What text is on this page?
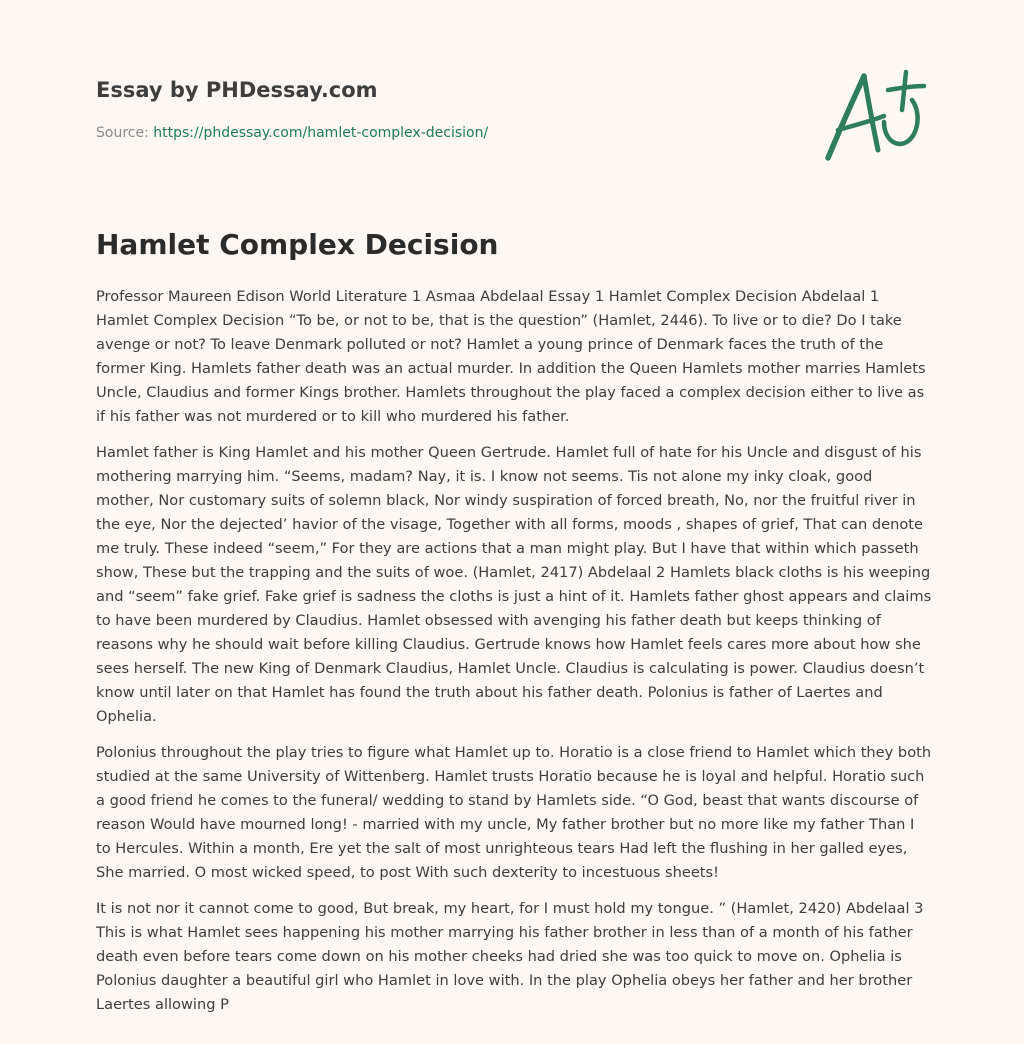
Essay by PHDessay.com
Source: https://phdessay.com/hamlet-complex-decision/
Hamlet Complex Decision

Professor Maureen Edison World Literature 1 Asmaa Abdelaal Essay 1 Hamlet Complex Decision Abdelaal 1 Hamlet Complex Decision “To be, or not to be, that is the question” (Hamlet, 2446). To live or to die? Do I take avenge or not? To leave Denmark polluted or not? Hamlet a young prince of Denmark faces the truth of the former King. Hamlets father death was an actual murder. In addition the Queen Hamlets mother marries Hamlets Uncle, Claudius and former Kings brother. Hamlets throughout the play faced a complex decision either to live as if his father was not murdered or to kill who murdered his father.

Hamlet father is King Hamlet and his mother Queen Gertrude. Hamlet full of hate for his Uncle and disgust of his mothering marrying him. “Seems, madam? Nay, it is. I know not seems. Tis not alone my inky cloak, good mother, Nor customary suits of solemn black, Nor windy suspiration of forced breath, No, nor the fruitful river in the eye, Nor the dejected’ havior of the visage, Together with all forms, moods , shapes of grief, That can denote me truly. These indeed “seem,” For they are actions that a man might play. But I have that within which passeth show, These but the trapping and the suits of woe. (Hamlet, 2417) Abdelaal 2 Hamlets black cloths is his weeping and “seem” fake grief. Fake grief is sadness the cloths is just a hint of it. Hamlets father ghost appears and claims to have been murdered by Claudius. Hamlet obsessed with avenging his father death but keeps thinking of reasons why he should wait before killing Claudius. Gertrude knows how Hamlet feels cares more about how she sees herself. The new King of Denmark Claudius, Hamlet Uncle. Claudius is calculating is power. Claudius doesn’t know until later on that Hamlet has found the truth about his father death. Polonius is father of Laertes and Ophelia.

Polonius throughout the play tries to figure what Hamlet up to. Horatio is a close friend to Hamlet which they both studied at the same University of Wittenberg. Hamlet trusts Horatio because he is loyal and helpful. Horatio such a good friend he comes to the funeral/ wedding to stand by Hamlets side. “O God, beast that wants discourse of reason Would have mourned long! - married with my uncle, My father brother but no more like my father Than I to Hercules. Within a month, Ere yet the salt of most unrighteous tears Had left the flushing in her galled eyes, She married. O most wicked speed, to post With such dexterity to incestuous sheets!

It is not nor it cannot come to good, But break, my heart, for I must hold my tongue. ” (Hamlet, 2420) Abdelaal 3 This is what Hamlet sees happening his mother marrying his father brother in less than of a month of his father death even before tears come down on his mother cheeks had dried she was too quick to move on. Ophelia is Polonius daughter a beautiful girl who Hamlet in love with. In the play Ophelia obeys her father and her brother Laertes allowing P
